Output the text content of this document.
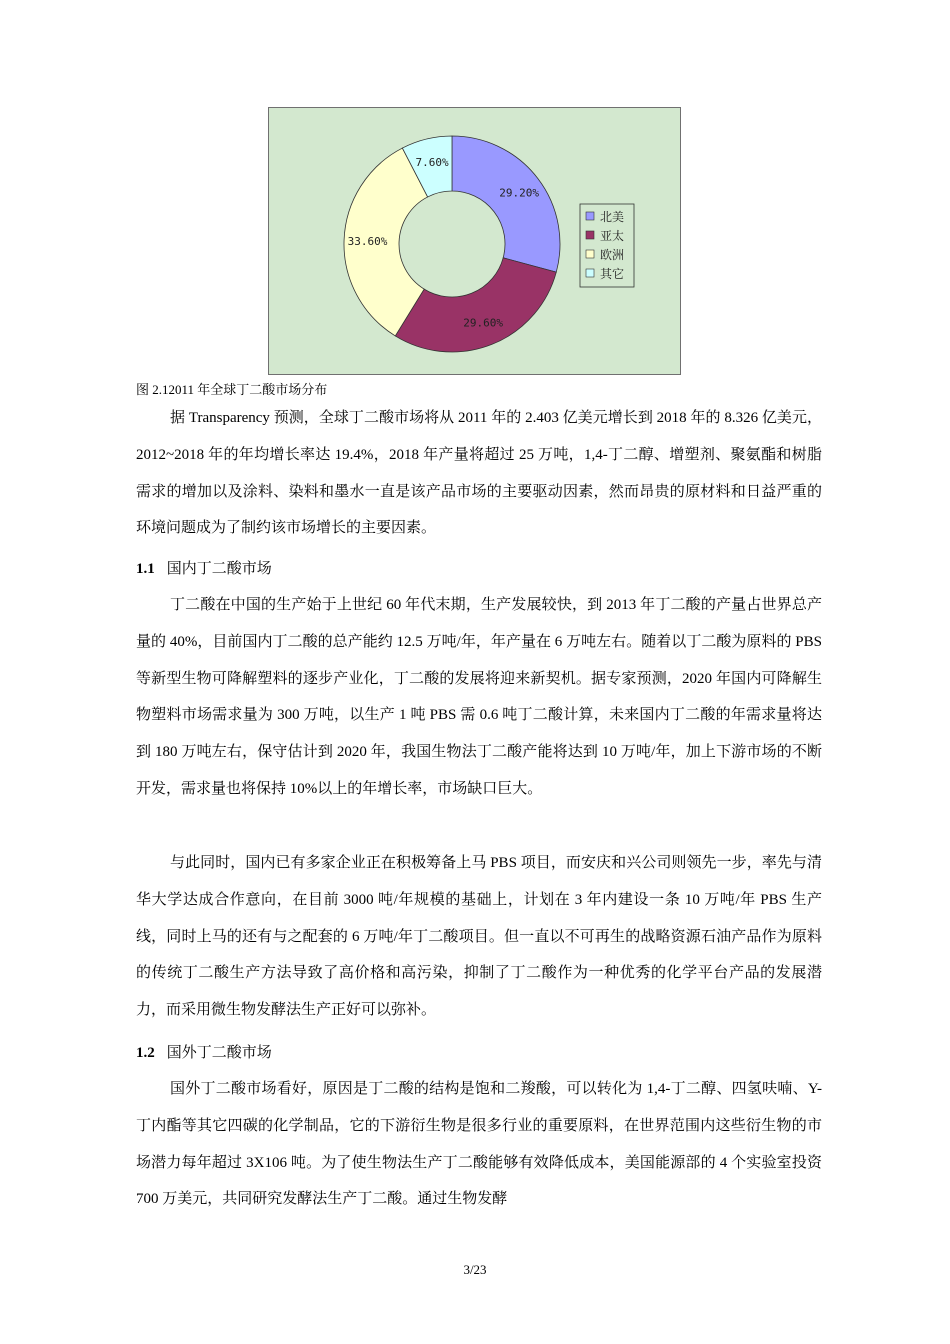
29.20%
29.60%
33.60%
7.60%
北美
亚太
欧洲
其它
图 2.12011 年全球丁二酸市场分布

据 Transparency 预测，全球丁二酸市场将从 2011 年的 2.403 亿美元增长到 2018 年的 8.326 亿美元，2012~2018 年的年均增长率达 19.4%，2018 年产量将超过 25 万吨，1,4-丁二醇、增塑剂、聚氨酯和树脂需求的增加以及涂料、染料和墨水一直是该产品市场的主要驱动因素，然而昂贵的原材料和日益严重的环境问题成为了制约该市场增长的主要因素。

1.1 国内丁二酸市场

丁二酸在中国的生产始于上世纪 60 年代末期，生产发展较快，到 2013 年丁二酸的产量占世界总产量的 40%，目前国内丁二酸的总产能约 12.5 万吨/年，年产量在 6 万吨左右。随着以丁二酸为原料的 PBS 等新型生物可降解塑料的逐步产业化，丁二酸的发展将迎来新契机。据专家预测，2020 年国内可降解生物塑料市场需求量为 300 万吨，以生产 1 吨 PBS 需 0.6 吨丁二酸计算，未来国内丁二酸的年需求量将达到 180 万吨左右，保守估计到 2020 年，我国生物法丁二酸产能将达到 10 万吨/年，加上下游市场的不断开发，需求量也将保持 10%以上的年增长率，市场缺口巨大。

与此同时，国内已有多家企业正在积极筹备上马 PBS 项目，而安庆和兴公司则领先一步，率先与清华大学达成合作意向，在目前 3000 吨/年规模的基础上，计划在 3 年内建设一条 10 万吨/年 PBS 生产线，同时上马的还有与之配套的 6 万吨/年丁二酸项目。但一直以不可再生的战略资源石油产品作为原料的传统丁二酸生产方法导致了高价格和高污染，抑制了丁二酸作为一种优秀的化学平台产品的发展潜力，而采用微生物发酵法生产正好可以弥补。

1.2 国外丁二酸市场

国外丁二酸市场看好，原因是丁二酸的结构是饱和二羧酸，可以转化为 1,4-丁二醇、四氢呋喃、Y-丁内酯等其它四碳的化学制品，它的下游衍生物是很多行业的重要原料，在世界范围内这些衍生物的市场潜力每年超过 3X106 吨。为了使生物法生产丁二酸能够有效降低成本，美国能源部的 4 个实验室投资 700 万美元，共同研究发酵法生产丁二酸。通过生物发酵

3/23
